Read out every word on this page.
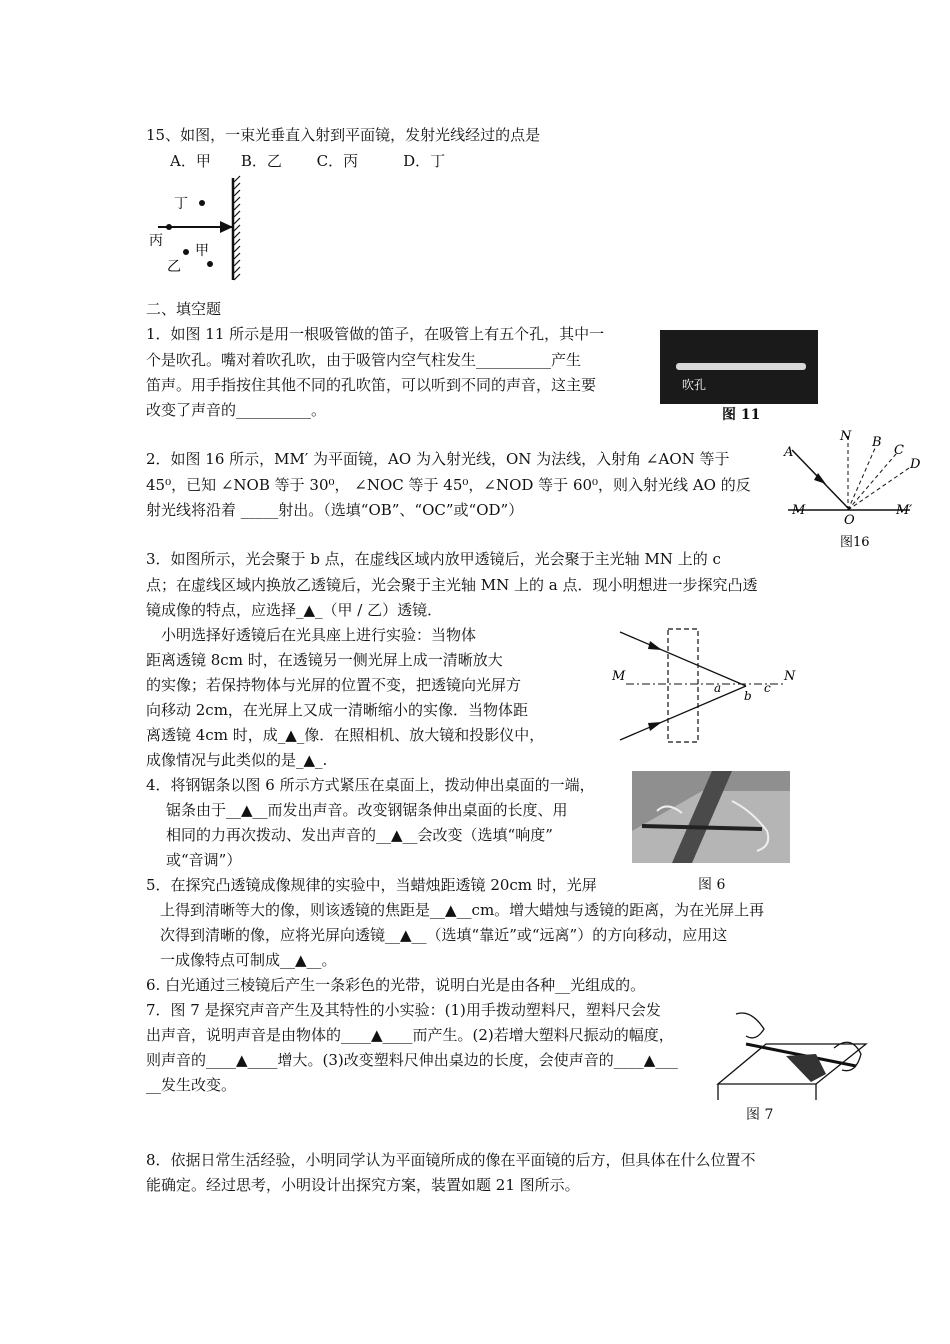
15、如图，一束光垂直入射到平面镜，发射光线经过的点是
A．甲　　B．乙　　 C．丙　　　D．丁
丁
丙
甲
乙
二、填空题
1．如图 11 所示是用一根吸管做的笛子，在吸管上有五个孔，其中一
个是吹孔。嘴对着吹孔吹，由于吸管内空气柱发生__________产生
笛声。用手指按住其他不同的孔吹笛，可以听到不同的声音，这主要
改变了声音的__________。
吹孔
图 11
2．如图 16 所示，MM′ 为平面镜，AO 为入射光线，ON 为法线，入射角 ∠AON 等于
45⁰，已知 ∠NOB 等于 30⁰， ∠NOC 等于 45⁰，∠NOD 等于 60⁰，则入射光线 AO 的反
射光线将沿着 _____射出。（选填“OB”、“OC”或“OD”）
A
N B
C
D
M
O
M′
图16
3．如图所示，光会聚于 b 点，在虚线区域内放甲透镜后，光会聚于主光轴 MN 上的 c
点；在虚线区域内换放乙透镜后，光会聚于主光轴 MN 上的 a 点．现小明想进一步探究凸透
镜成像的特点，应选择_▲_（甲 / 乙）透镜．
　小明选择好透镜后在光具座上进行实验：当物体
距离透镜 8cm 时，在透镜另一侧光屏上成一清晰放大
的实像；若保持物体与光屏的位置不变，把透镜向光屏方
向移动 2cm，在光屏上又成一清晰缩小的实像．当物体距
离透镜 4cm 时，成_▲_像．在照相机、放大镜和投影仪中，
成像情况与此类似的是_▲_.
M	N
a
b
c
4．将钢锯条以图 6 所示方式紧压在桌面上，拨动伸出桌面的一端，
锯条由于__▲__而发出声音。改变钢锯条伸出桌面的长度、用
相同的力再次拨动、发出声音的__▲__会改变（选填“响度”
或“音调”）
5．在探究凸透镜成像规律的实验中，当蜡烛距透镜 20cm 时，光屏	图 6
上得到清晰等大的像，则该透镜的焦距是__▲__cm。增大蜡烛与透镜的距离，为在光屏上再
次得到清晰的像，应将光屏向透镜__▲__（选填“靠近”或“远离”）的方向移动，应用这
一成像特点可制成__▲__。
6. 白光通过三棱镜后产生一条彩色的光带，说明白光是由各种__光组成的。
7．图 7 是探究声音产生及其特性的小实验：(1)用手拨动塑料尺，塑料尺会发
出声音，说明声音是由物体的____▲____而产生。(2)若增大塑料尺振动的幅度，
则声音的____▲____增大。(3)改变塑料尺伸出桌边的长度，会使声音的____▲___
__发生改变。
图 7
8．依据日常生活经验，小明同学认为平面镜所成的像在平面镜的后方，但具体在什么位置不
能确定。经过思考，小明设计出探究方案，装置如题 21 图所示。
